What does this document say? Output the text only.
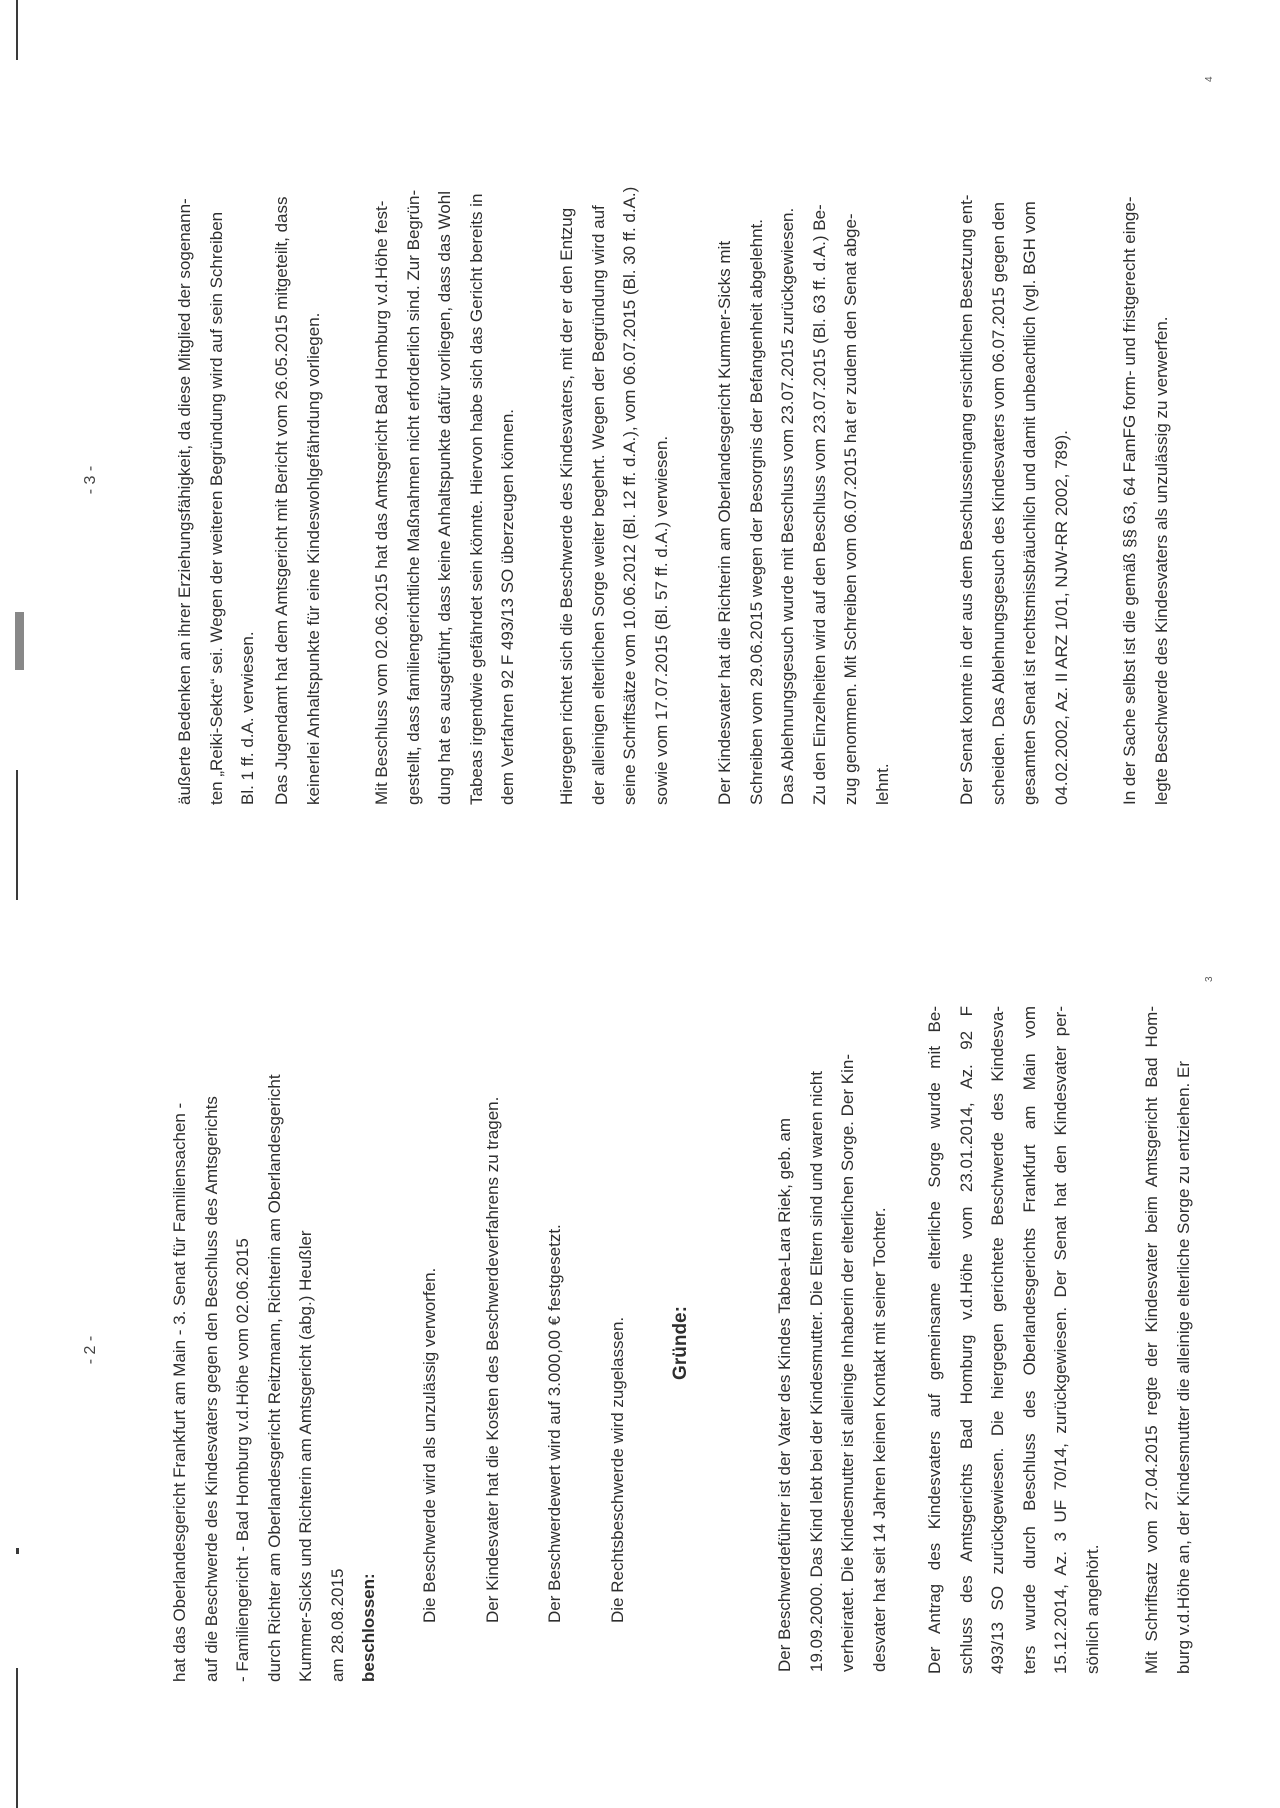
- 2 -	hat das Oberlandesgericht Frankfurt am Main - 3. Senat für Familiensachen - auf die Beschwerde des Kindesvaters gegen den Beschluss des Amtsgerichts - Familiengericht - Bad Homburg v.d.Höhe vom 02.06.2015 durch Richter am Oberlandesgericht Reitzmann, Richterin am Oberlandesgericht Kummer-Sicks und Richterin am Amtsgericht (abg.) Heußler am 28.08.2015 beschlossen:
Die Beschwerde wird als unzulässig verworfen.	Der Kindesvater hat die Kosten des Beschwerdeverfahrens zu tragen.	Der Beschwerdewert wird auf 3.000,00 € festgesetzt.	Die Rechtsbeschwerde wird zugelassen.	Gründe:	Der Beschwerdeführer ist der Vater des Kindes Tabea-Lara Riek, geb. am 19.09.2000. Das Kind lebt bei der Kindesmutter. Die Eltern sind und waren nicht verheiratet. Die Kindesmutter ist alleinige Inhaberin der elterlichen Sorge. Der Kin- desvater hat seit 14 Jahren keinen Kontakt mit seiner Tochter.	Der Antrag des Kindesvaters auf gemeinsame elterliche Sorge wurde mit Be- schluss des Amtsgerichts Bad Homburg v.d.Höhe vom 23.01.2014, Az. 92 F 493/13 SO zurückgewiesen. Die hiergegen gerichtete Beschwerde des Kindesva- ters wurde durch Beschluss des Oberlandesgerichts Frankfurt am Main vom 15.12.2014, Az. 3 UF 70/14, zurückgewiesen. Der Senat hat den Kindesvater per- sönlich angehört.	Mit Schriftsatz vom 27.04.2015 regte der Kindesvater beim Amtsgericht Bad Hom- burg v.d.Höhe an, der Kindesmutter die alleinige elterliche Sorge zu entziehen. Er
3
- 3 -	äußerte Bedenken an ihrer Erziehungsfähigkeit, da diese Mitglied der sogenann- ten „Reiki-Sekte“ sei. Wegen der weiteren Begründung wird auf sein Schreiben Bl. 1 ff. d.A. verwiesen. Das Jugendamt hat dem Amtsgericht mit Bericht vom 26.05.2015 mitgeteilt, dass keinerlei Anhaltspunkte für eine Kindeswohlgefährdung vorliegen.	Mit Beschluss vom 02.06.2015 hat das Amtsgericht Bad Homburg v.d.Höhe fest- gestellt, dass familiengerichtliche Maßnahmen nicht erforderlich sind. Zur Begrün- dung hat es ausgeführt, dass keine Anhaltspunkte dafür vorliegen, dass das Wohl Tabeas irgendwie gefährdet sein könnte. Hiervon habe sich das Gericht bereits in dem Verfahren 92 F 493/13 SO überzeugen können.	Hiergegen richtet sich die Beschwerde des Kindesvaters, mit der er den Entzug der alleinigen elterlichen Sorge weiter begehrt. Wegen der Begründung wird auf seine Schriftsätze vom 10.06.2012 (Bl. 12 ff. d.A.), vom 06.07.2015 (Bl. 30 ff. d.A.) sowie vom 17.07.2015 (Bl. 57 ff. d.A.) verwiesen.	Der Kindesvater hat die Richterin am Oberlandesgericht Kummer-Sicks mit Schreiben vom 29.06.2015 wegen der Besorgnis der Befangenheit abgelehnt. Das Ablehnungsgesuch wurde mit Beschluss vom 23.07.2015 zurückgewiesen. Zu den Einzelheiten wird auf den Beschluss vom 23.07.2015 (Bl. 63 ff. d.A.) Be- zug genommen. Mit Schreiben vom 06.07.2015 hat er zudem den Senat abge- lehnt.	Der Senat konnte in der aus dem Beschlusseingang ersichtlichen Besetzung ent- scheiden. Das Ablehnungsgesuch des Kindesvaters vom 06.07.2015 gegen den gesamten Senat ist rechtsmissbräuchlich und damit unbeachtlich (vgl. BGH vom 04.02.2002, Az. II ARZ 1/01, NJW-RR 2002, 789).	In der Sache selbst ist die gemäß §§ 63, 64 FamFG form- und fristgerecht einge- legte Beschwerde des Kindesvaters als unzulässig zu verwerfen.
4
